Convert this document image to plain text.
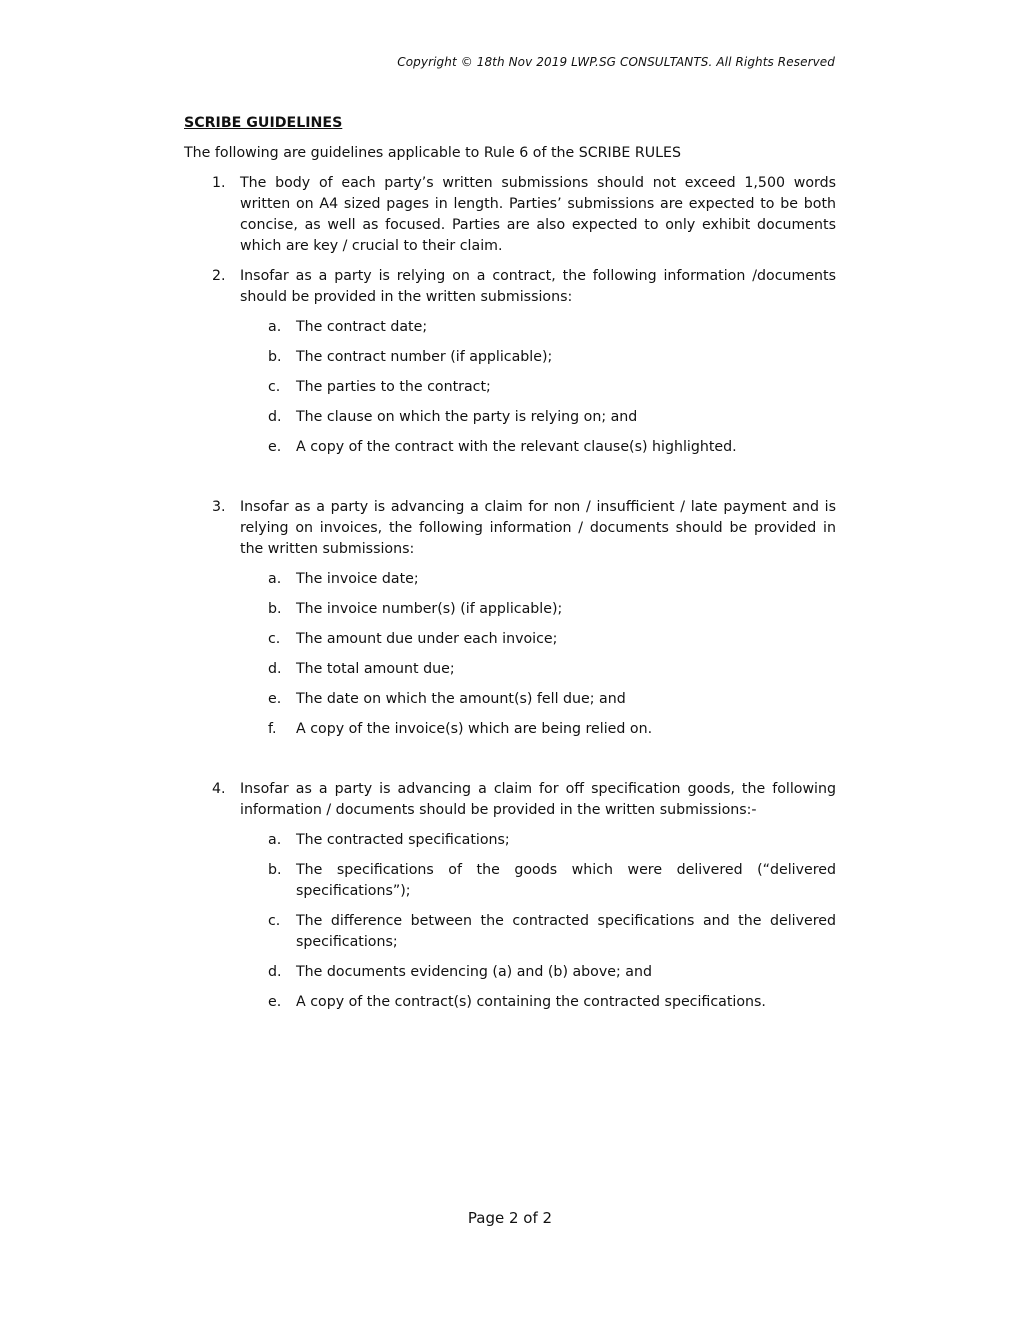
Copyright © 18th Nov 2019 LWP.SG CONSULTANTS. All Rights Reserved
SCRIBE GUIDELINES
The following are guidelines applicable to Rule 6 of the SCRIBE RULES
1.	The body of each party’s written submissions should not exceed 1,500 words written on A4 sized pages in length. Parties’ submissions are expected to be both concise, as well as focused. Parties are also expected to only exhibit documents which are key / crucial to their claim.
2.	Insofar as a party is relying on a contract, the following information /documents should be provided in the written submissions:
a.	The contract date;
b.	The contract number (if applicable);
c.	The parties to the contract;
d.	The clause on which the party is relying on; and
e.	A copy of the contract with the relevant clause(s) highlighted.
3.	Insofar as a party is advancing a claim for non / insufficient / late payment and is relying on invoices, the following information / documents should be provided in the written submissions:
a.	The invoice date;
b.	The invoice number(s) (if applicable);
c.	The amount due under each invoice;
d.	The total amount due;
e.	The date on which the amount(s) fell due; and
f.	A copy of the invoice(s) which are being relied on.
4.	Insofar as a party is advancing a claim for off specification goods, the following information / documents should be provided in the written submissions:-
a.	The contracted specifications;
b.	The specifications of the goods which were delivered (“delivered specifications”);
c.	The difference between the contracted specifications and the delivered specifications;
d.	The documents evidencing (a) and (b) above; and
e.	A copy of the contract(s) containing the contracted specifications.
Page 2 of 2
